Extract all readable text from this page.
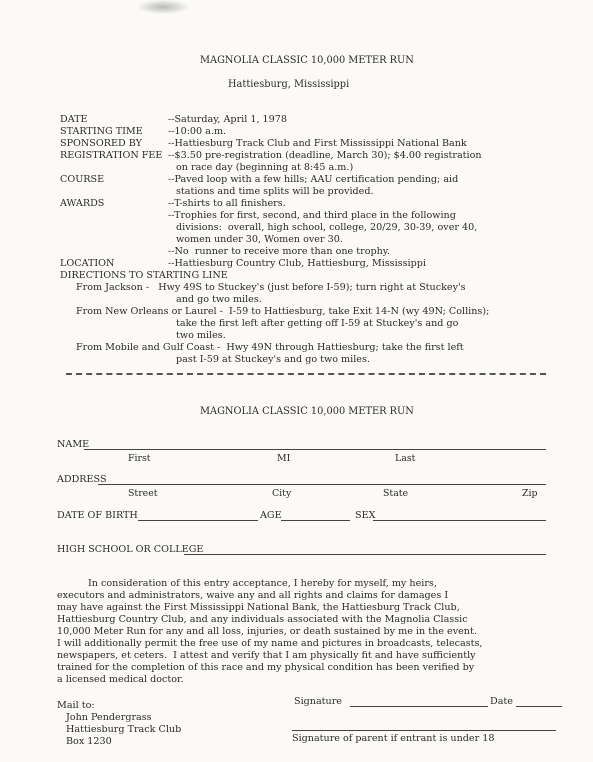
MAGNOLIA CLASSIC 10,000 METER RUN
Hattiesburg, Mississippi
DATE	--Saturday, April 1, 1978
STARTING TIME	--10:00 a.m.
SPONSORED BY	--Hattiesburg Track Club and First Mississippi National Bank
REGISTRATION FEE --$3.50 pre-registration (deadline, March 30); $4.00 registration
on race day (beginning at 8:45 a.m.)
COURSE	--Paved loop with a few hills; AAU certification pending; aid
stations and time splits will be provided.
AWARDS	--T-shirts to all finishers.
--Trophies for first, second, and third place in the following
divisions:  overall, high school, college, 20/29, 30-39, over 40,
women under 30, Women over 30.
--No  runner to receive more than one trophy.
LOCATION	--Hattiesburg Country Club, Hattiesburg, Mississippi
DIRECTIONS TO STARTING LINE
From Jackson -   Hwy 49S to Stuckey's (just before I-59); turn right at Stuckey's
and go two miles.
From New Orleans or Laurel -  I-59 to Hattiesburg, take Exit 14-N (wy 49N; Collins);
take the first left after getting off I-59 at Stuckey's and go
two miles.
From Mobile and Gulf Coast -  Hwy 49N through Hattiesburg; take the first left
past I-59 at Stuckey's and go two miles.
MAGNOLIA CLASSIC 10,000 METER RUN
NAME
First	MI	Last
ADDRESS
Street	City	State	Zip
DATE OF BIRTH	AGE	SEX
HIGH SCHOOL OR COLLEGE
In consideration of this entry acceptance, I hereby for myself, my heirs,
executors and administrators, waive any and all rights and claims for damages I
may have against the First Mississippi National Bank, the Hattiesburg Track Club,
Hattiesburg Country Club, and any individuals associated with the Magnolia Classic
10,000 Meter Run for any and all loss, injuries, or death sustained by me in the event.
I will additionally permit the free use of my name and pictures in broadcasts, telecasts,
newspapers, et ceters.  I attest and verify that I am physically fit and have sufficiently
trained for the completion of this race and my physical condition has been verified by
a licensed medical doctor.
Mail to:
John Pendergrass
Hattiesburg Track Club
Box 1230
Signature	Date
Signature of parent if entrant is under 18
